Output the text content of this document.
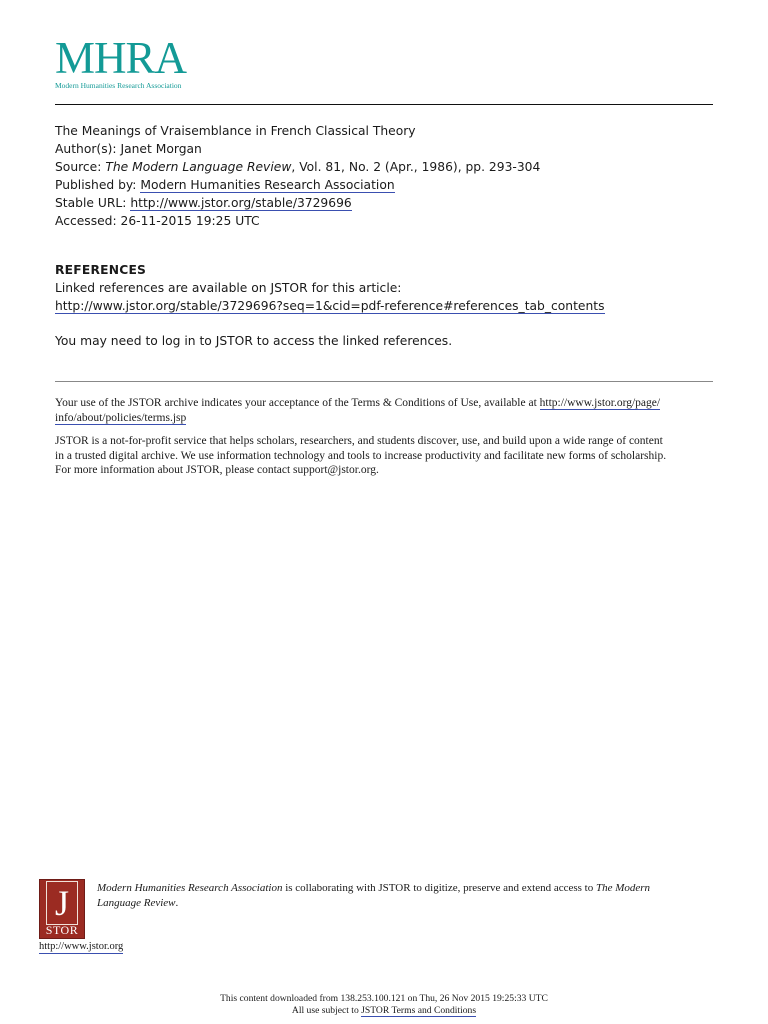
MHRA
Modern Humanities Research Association
The Meanings of Vraisemblance in French Classical Theory
Author(s): Janet Morgan
Source: The Modern Language Review, Vol. 81, No. 2 (Apr., 1986), pp. 293-304
Published by: Modern Humanities Research Association
Stable URL: http://www.jstor.org/stable/3729696
Accessed: 26-11-2015 19:25 UTC
REFERENCES
Linked references are available on JSTOR for this article:
http://www.jstor.org/stable/3729696?seq=1&cid=pdf-reference#references_tab_contents
You may need to log in to JSTOR to access the linked references.

Your use of the JSTOR archive indicates your acceptance of the Terms & Conditions of Use, available at http://www.jstor.org/page/
info/about/policies/terms.jsp

JSTOR is a not-for-profit service that helps scholars, researchers, and students discover, use, and build upon a wide range of content
in a trusted digital archive. We use information technology and tools to increase productivity and facilitate new forms of scholarship.
For more information about JSTOR, please contact support@jstor.org.

J
STOR
http://www.jstor.org
Modern Humanities Research Association is collaborating with JSTOR to digitize, preserve and extend access to The Modern
Language Review.
This content downloaded from 138.253.100.121 on Thu, 26 Nov 2015 19:25:33 UTC
All use subject to JSTOR Terms and Conditions
